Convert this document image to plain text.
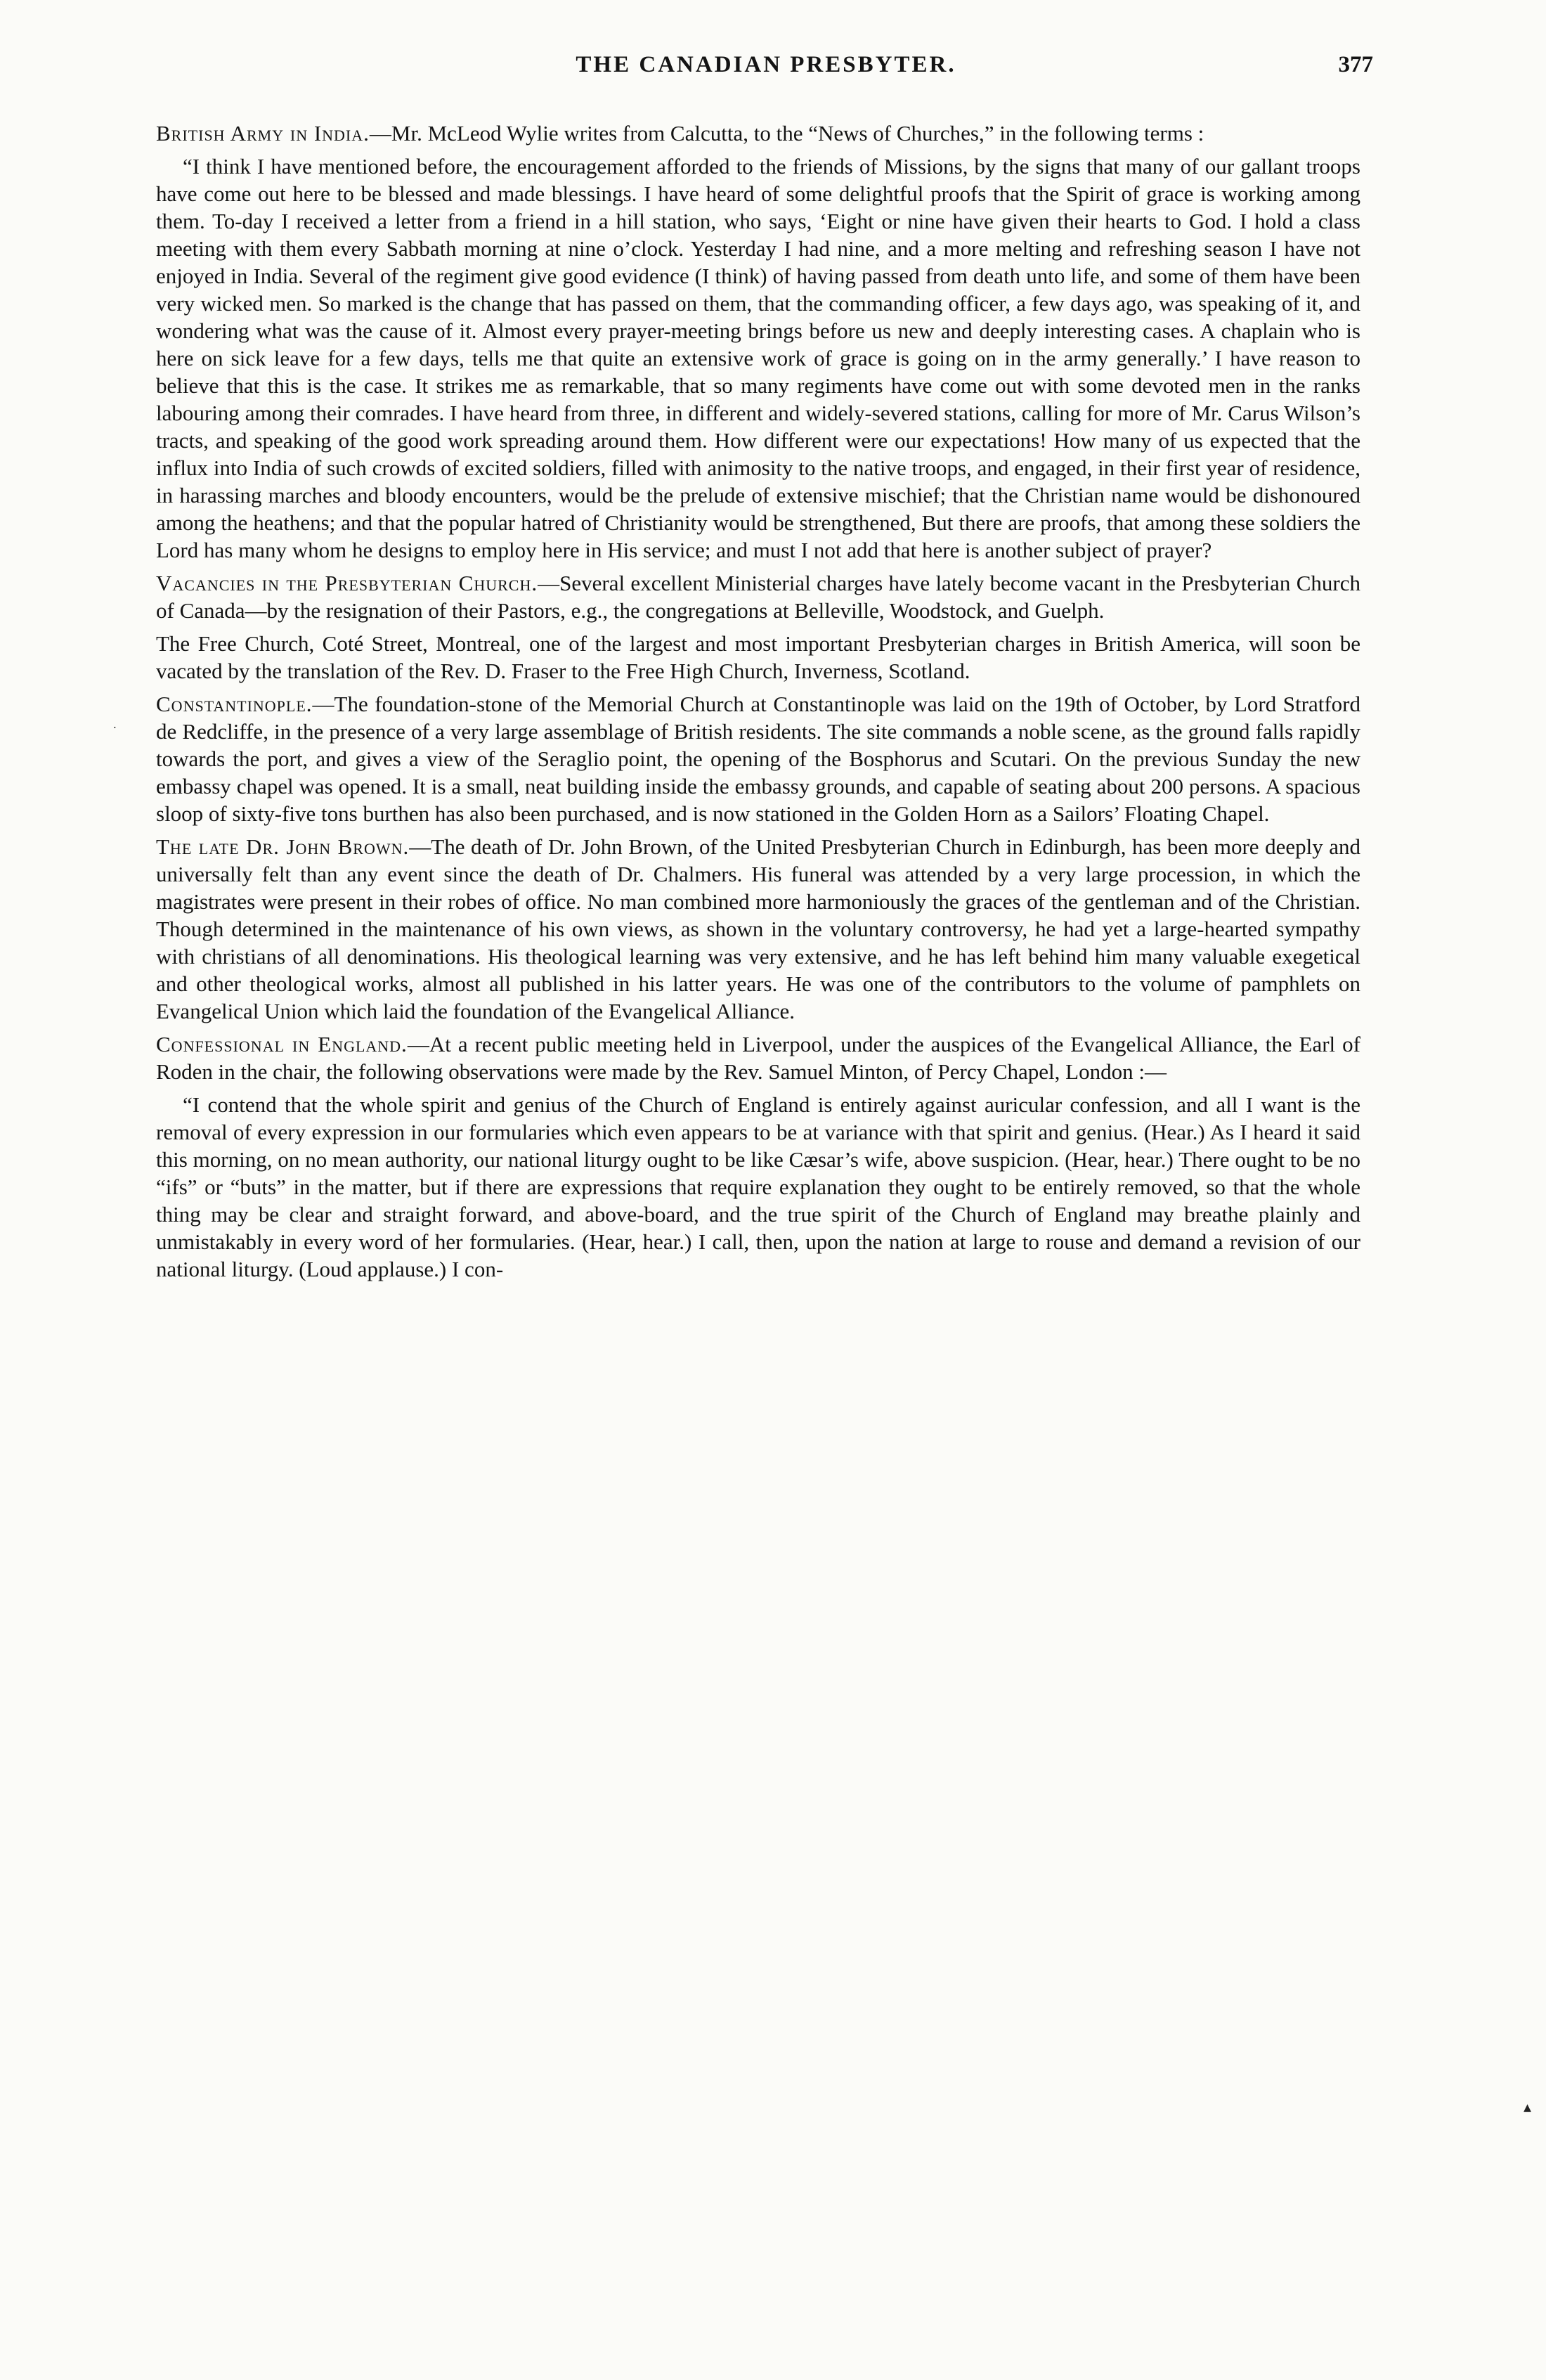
THE CANADIAN PRESBYTER.	377
˙
▴

British Army in India.—Mr. McLeod Wylie writes from Calcutta, to the “News of Churches,” in the following terms :

“I think I have mentioned before, the encouragement afforded to the friends of Missions, by the signs that many of our gallant troops have come out here to be blessed and made blessings. I have heard of some delightful proofs that the Spirit of grace is working among them. To-day I received a letter from a friend in a hill station, who says, ‘Eight or nine have given their hearts to God. I hold a class meeting with them every Sabbath morning at nine o’clock. Yesterday I had nine, and a more melting and refreshing season I have not enjoyed in India. Several of the regiment give good evidence (I think) of having passed from death unto life, and some of them have been very wicked men. So marked is the change that has passed on them, that the commanding officer, a few days ago, was speaking of it, and wondering what was the cause of it. Almost every prayer-meeting brings before us new and deeply interesting cases. A chaplain who is here on sick leave for a few days, tells me that quite an extensive work of grace is going on in the army generally.’ I have reason to believe that this is the case. It strikes me as remarkable, that so many regiments have come out with some devoted men in the ranks labouring among their comrades. I have heard from three, in different and widely-severed stations, calling for more of Mr. Carus Wilson’s tracts, and speaking of the good work spreading around them. How different were our expectations! How many of us expected that the influx into India of such crowds of excited soldiers, filled with animosity to the native troops, and engaged, in their first year of residence, in harassing marches and bloody encounters, would be the prelude of extensive mischief; that the Christian name would be dishonoured among the heathens; and that the popular hatred of Christianity would be strengthened, But there are proofs, that among these soldiers the Lord has many whom he designs to employ here in His service; and must I not add that here is another subject of prayer?

Vacancies in the Presbyterian Church.—Several excellent Ministerial charges have lately become vacant in the Presbyterian Church of Canada—by the resignation of their Pastors, e.g., the congregations at Belleville, Woodstock, and Guelph.

The Free Church, Coté Street, Montreal, one of the largest and most important Presbyterian charges in British America, will soon be vacated by the translation of the Rev. D. Fraser to the Free High Church, Inverness, Scotland.

Constantinople.—The foundation-stone of the Memorial Church at Constantinople was laid on the 19th of October, by Lord Stratford de Redcliffe, in the presence of a very large assemblage of British residents. The site commands a noble scene, as the ground falls rapidly towards the port, and gives a view of the Seraglio point, the opening of the Bosphorus and Scutari. On the previous Sunday the new embassy chapel was opened. It is a small, neat building inside the embassy grounds, and capable of seating about 200 persons. A spacious sloop of sixty-five tons burthen has also been purchased, and is now stationed in the Golden Horn as a Sailors’ Floating Chapel.

The late Dr. John Brown.—The death of Dr. John Brown, of the United Presbyterian Church in Edinburgh, has been more deeply and universally felt than any event since the death of Dr. Chalmers. His funeral was attended by a very large procession, in which the magistrates were present in their robes of office. No man combined more harmoniously the graces of the gentleman and of the Christian. Though determined in the maintenance of his own views, as shown in the voluntary controversy, he had yet a large-hearted sympathy with christians of all denominations. His theological learning was very extensive, and he has left behind him many valuable exegetical and other theological works, almost all published in his latter years. He was one of the contributors to the volume of pamphlets on Evangelical Union which laid the foundation of the Evangelical Alliance.

Confessional in England.—At a recent public meeting held in Liverpool, under the auspices of the Evangelical Alliance, the Earl of Roden in the chair, the following observations were made by the Rev. Samuel Minton, of Percy Chapel, London :—

“I contend that the whole spirit and genius of the Church of England is entirely against auricular confession, and all I want is the removal of every expression in our formularies which even appears to be at variance with that spirit and genius. (Hear.) As I heard it said this morning, on no mean authority, our national liturgy ought to be like Cæsar’s wife, above suspicion. (Hear, hear.) There ought to be no “ifs” or “buts” in the matter, but if there are expressions that require explanation they ought to be entirely removed, so that the whole thing may be clear and straight forward, and above-board, and the true spirit of the Church of England may breathe plainly and unmistakably in every word of her formularies. (Hear, hear.) I call, then, upon the nation at large to rouse and demand a revision of our national liturgy. (Loud applause.) I con-
